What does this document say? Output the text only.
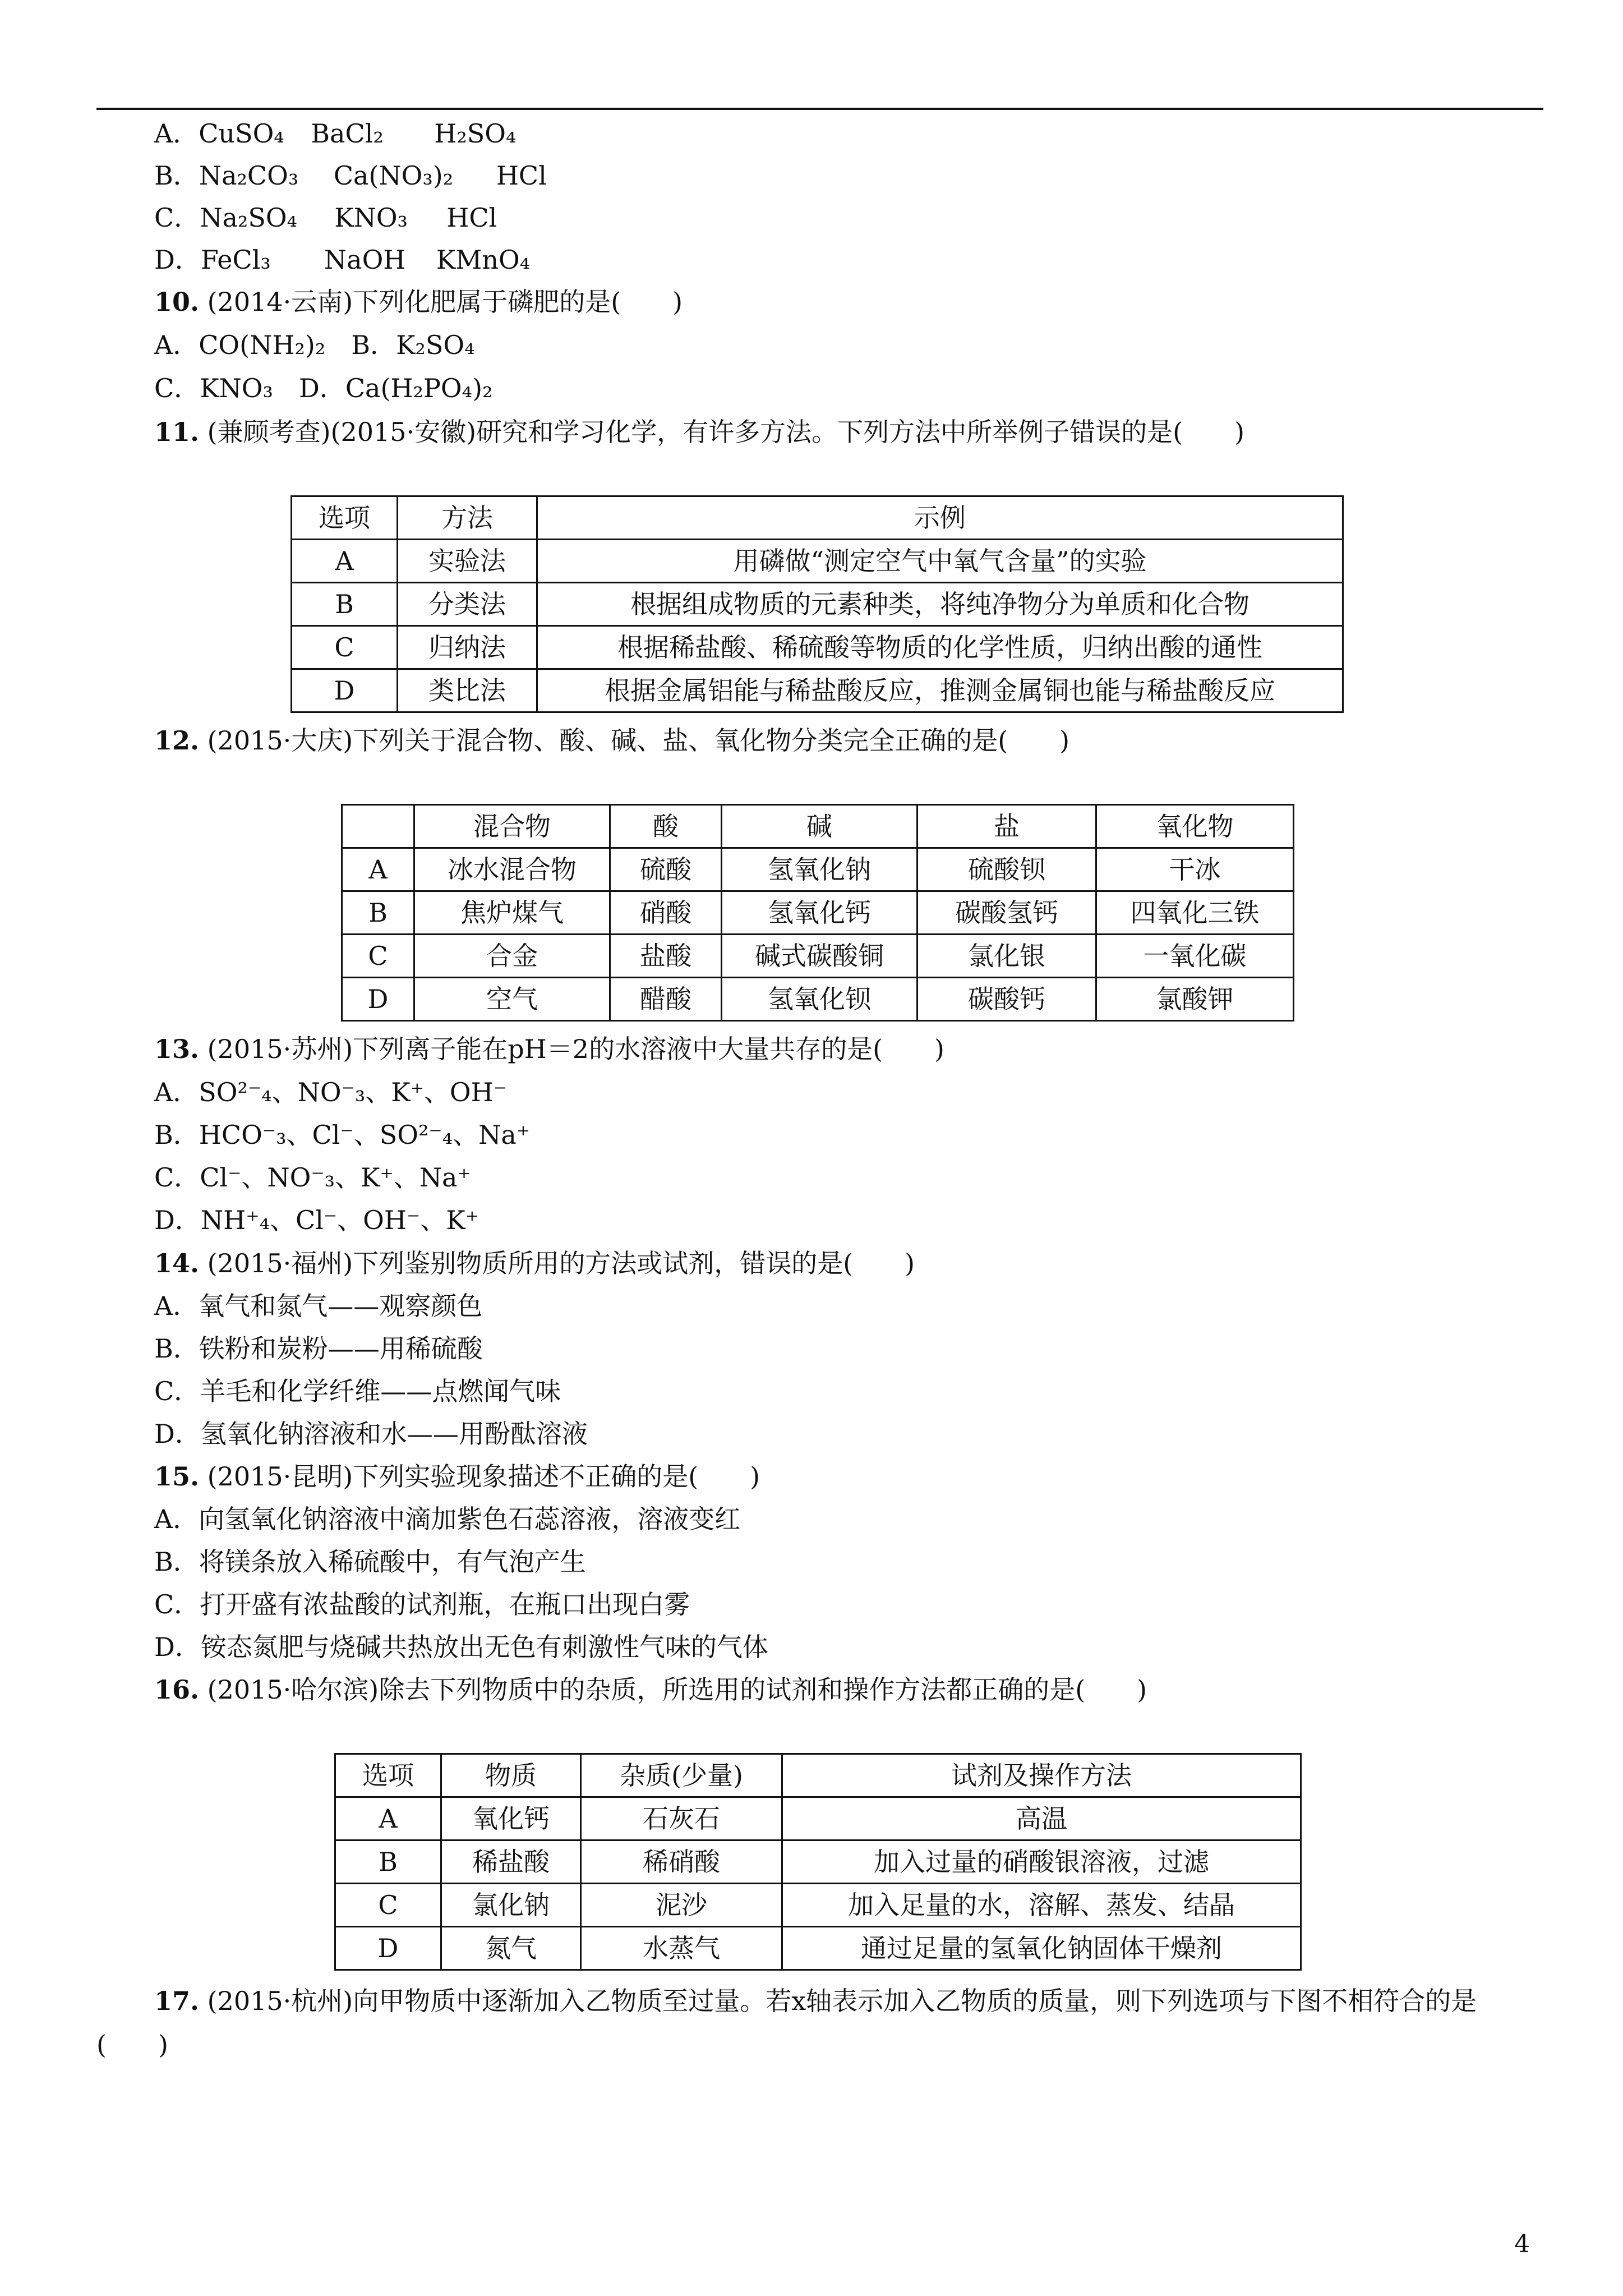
A．CuSO₄ BaCl₂ H₂SO₄
B．Na₂CO₃ Ca(NO₃)₂ HCl
C．Na₂SO₄ KNO₃ HCl
D．FeCl₃ NaOH KMnO₄
10. (2014·云南)下列化肥属于磷肥的是(　　)
A．CO(NH₂)₂　B．K₂SO₄
C．KNO₃　D．Ca(H₂PO₄)₂
11. (兼顾考查)(2015·安徽)研究和学习化学，有许多方法。下列方法中所举例子错误的是(　　)
选项	方法	示例
A	实验法	用磷做“测定空气中氧气含量”的实验
B	分类法	根据组成物质的元素种类，将纯净物分为单质和化合物
C	归纳法	根据稀盐酸、稀硫酸等物质的化学性质，归纳出酸的通性
D	类比法	根据金属铝能与稀盐酸反应，推测金属铜也能与稀盐酸反应
12. (2015·大庆)下列关于混合物、酸、碱、盐、氧化物分类完全正确的是(　　)
	混合物	酸	碱	盐	氧化物
A	冰水混合物	硫酸	氢氧化钠	硫酸钡	干冰
B	焦炉煤气	硝酸	氢氧化钙	碳酸氢钙	四氧化三铁
C	合金	盐酸	碱式碳酸铜	氯化银	一氧化碳
D	空气	醋酸	氢氧化钡	碳酸钙	氯酸钾
13. (2015·苏州)下列离子能在pH＝2的水溶液中大量共存的是(　　)
A．SO²⁻₄、NO⁻₃、K⁺、OH⁻
B．HCO⁻₃、Cl⁻、SO²⁻₄、Na⁺
C．Cl⁻、NO⁻₃、K⁺、Na⁺
D．NH⁺₄、Cl⁻、OH⁻、K⁺
14. (2015·福州)下列鉴别物质所用的方法或试剂，错误的是(　　)
A．氧气和氮气——观察颜色
B．铁粉和炭粉——用稀硫酸
C．羊毛和化学纤维——点燃闻气味
D．氢氧化钠溶液和水——用酚酞溶液
15. (2015·昆明)下列实验现象描述不正确的是(　　)
A．向氢氧化钠溶液中滴加紫色石蕊溶液，溶液变红
B．将镁条放入稀硫酸中，有气泡产生
C．打开盛有浓盐酸的试剂瓶，在瓶口出现白雾
D．铵态氮肥与烧碱共热放出无色有刺激性气味的气体
16. (2015·哈尔滨)除去下列物质中的杂质，所选用的试剂和操作方法都正确的是(　　)
选项	物质	杂质(少量)	试剂及操作方法
A	氧化钙	石灰石	高温
B	稀盐酸	稀硝酸	加入过量的硝酸银溶液，过滤
C	氯化钠	泥沙	加入足量的水，溶解、蒸发、结晶
D	氮气	水蒸气	通过足量的氢氧化钠固体干燥剂
17. (2015·杭州)向甲物质中逐渐加入乙物质至过量。若x轴表示加入乙物质的质量，则下列选项与下图不相符合的是(　　)
4
